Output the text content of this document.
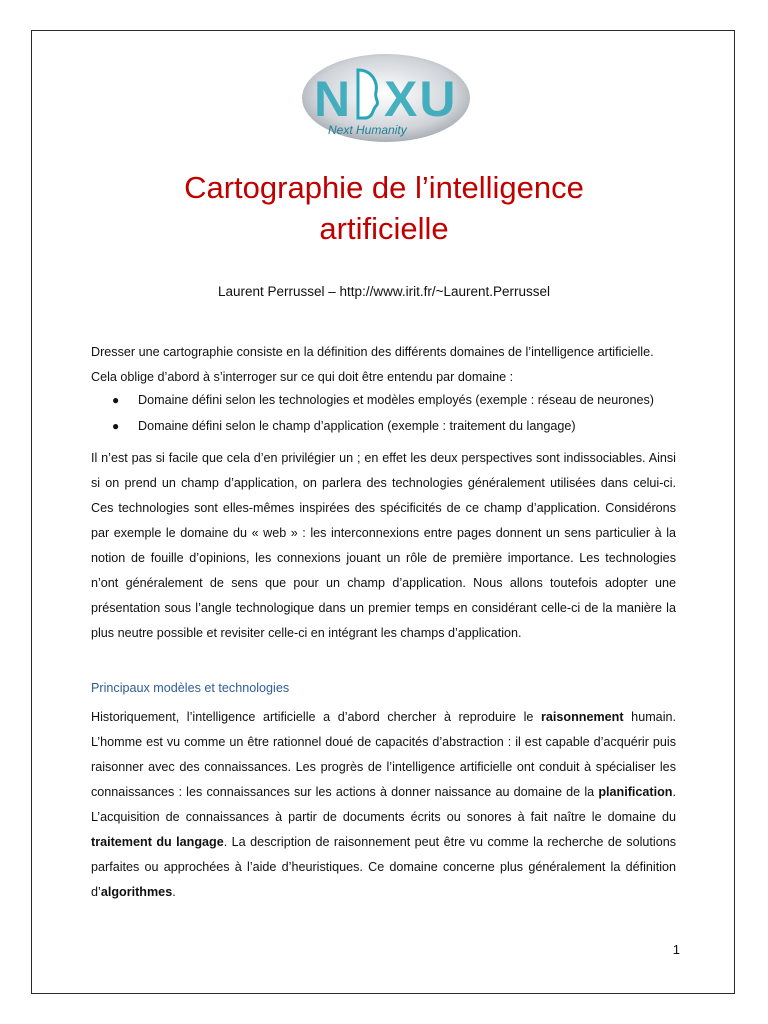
N XU
Next Humanity
Cartographie de l’intelligence
artificielle
Laurent Perrussel – http://www.irit.fr/~Laurent.Perrussel
Dresser une cartographie consiste en la définition des différents domaines de l’intelligence artificielle. Cela oblige d’abord à s’interroger sur ce qui doit être entendu par domaine :
● Domaine défini selon les technologies et modèles employés (exemple : réseau de neurones)
● Domaine défini selon le champ d’application (exemple : traitement du langage)
Il n’est pas si facile que cela d’en privilégier un ; en effet les deux perspectives sont indissociables. Ainsi si on prend un champ d’application, on parlera des technologies généralement utilisées dans celui-ci. Ces technologies sont elles-mêmes inspirées des spécificités de ce champ d’application. Considérons par exemple le domaine du « web » : les interconnexions entre pages donnent un sens particulier à la notion de fouille d’opinions, les connexions jouant un rôle de première importance. Les technologies n’ont généralement de sens que pour un champ d’application. Nous allons toutefois adopter une présentation sous l’angle technologique dans un premier temps en considérant celle-ci de la manière la plus neutre possible et revisiter celle-ci en intégrant les champs d’application.
Principaux modèles et technologies
Historiquement, l’intelligence artificielle a d’abord chercher à reproduire le raisonnement humain. L’homme est vu comme un être rationnel doué de capacités d’abstraction : il est capable d’acquérir puis raisonner avec des connaissances. Les progrès de l’intelligence artificielle ont conduit à spécialiser les connaissances : les connaissances sur les actions à donner naissance au domaine de la planification. L’acquisition de connaissances à partir de documents écrits ou sonores à fait naître le domaine du traitement du langage. La description de raisonnement peut être vu comme la recherche de solutions parfaites ou approchées à l’aide d’heuristiques. Ce domaine concerne plus généralement la définition d’algorithmes.
1
